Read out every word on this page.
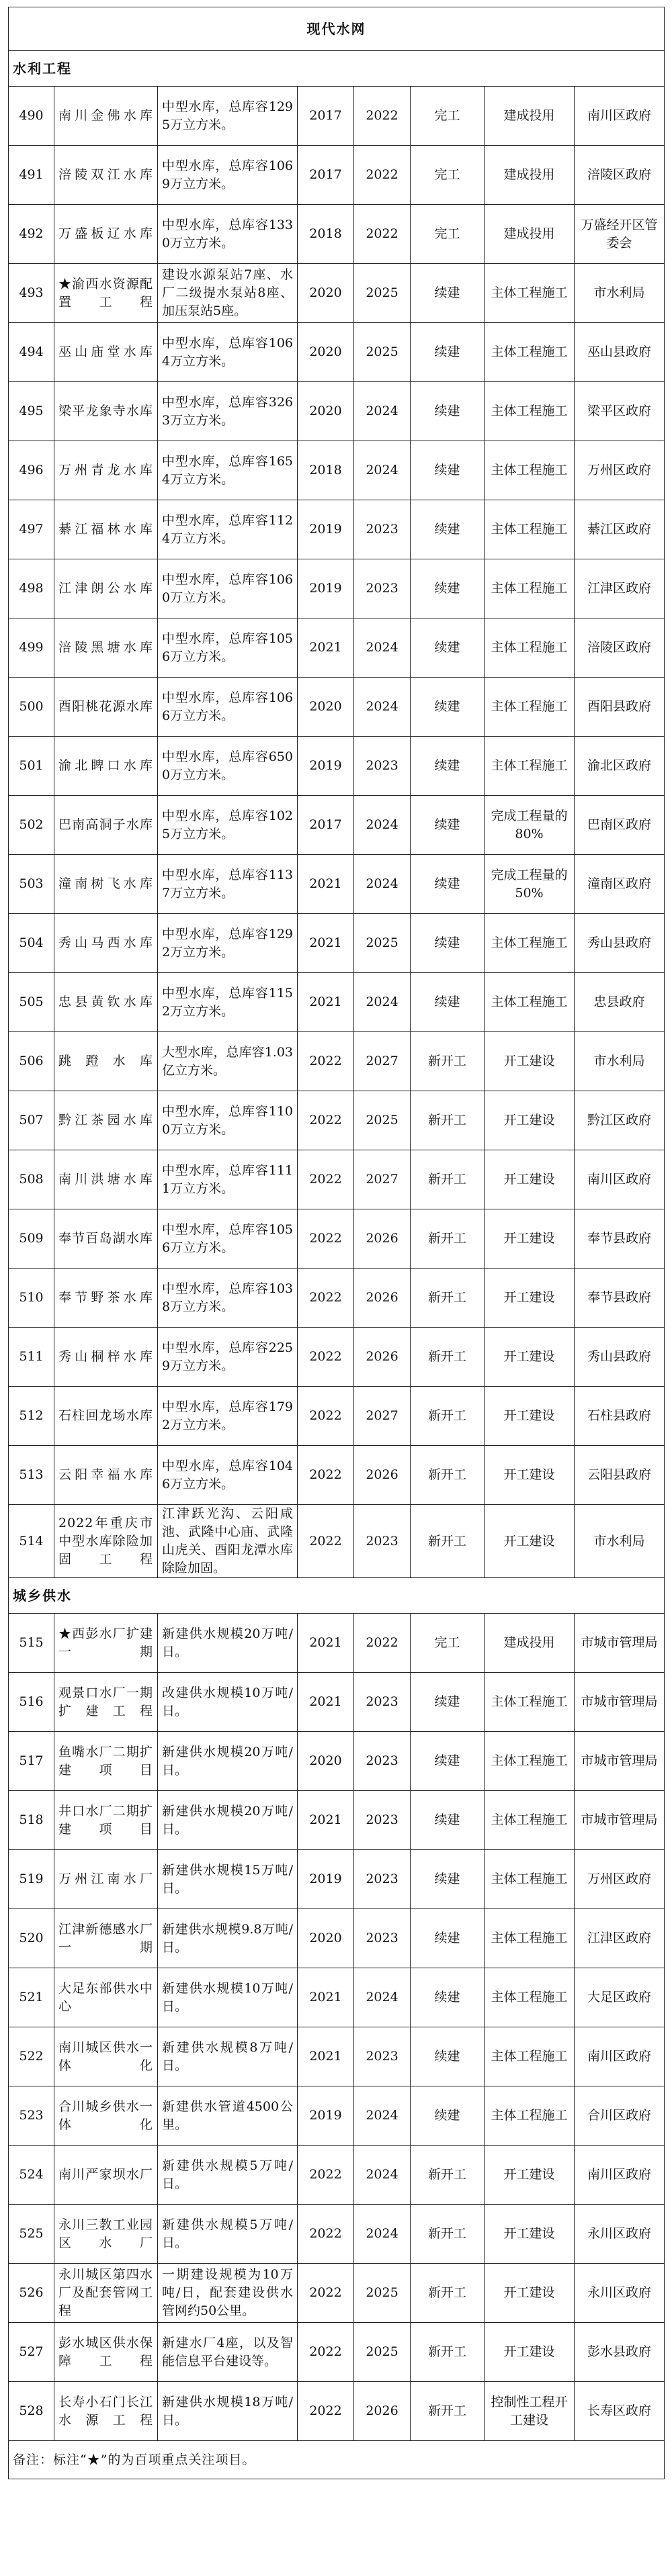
现代水网							
水利工程							
490	南川金佛水库	中型水库，总库容1295万立方米。	2017	2022	完工	建成投用	南川区政府
491	涪陵双江水库	中型水库，总库容1069万立方米。	2017	2022	完工	建成投用	涪陵区政府
492	万盛板辽水库	中型水库，总库容1330万立方米。	2018	2022	完工	建成投用	万盛经开区管委会
493	★渝西水资源配置工程	建设水源泵站7座、水厂二级提水泵站8座、加压泵站5座。	2020	2025	续建	主体工程施工	市水利局
494	巫山庙堂水库	中型水库，总库容1064万立方米。	2020	2025	续建	主体工程施工	巫山县政府
495	梁平龙象寺水库	中型水库，总库容3263万立方米。	2020	2024	续建	主体工程施工	梁平区政府
496	万州青龙水库	中型水库，总库容1654万立方米。	2018	2024	续建	主体工程施工	万州区政府
497	綦江福林水库	中型水库，总库容1124万立方米。	2019	2023	续建	主体工程施工	綦江区政府
498	江津朗公水库	中型水库，总库容1060万立方米。	2019	2023	续建	主体工程施工	江津区政府
499	涪陵黑塘水库	中型水库，总库容1056万立方米。	2021	2024	续建	主体工程施工	涪陵区政府
500	酉阳桃花源水库	中型水库，总库容1066万立方米。	2020	2024	续建	主体工程施工	酉阳县政府
501	渝北睥口水库	中型水库，总库容6500万立方米。	2019	2023	续建	主体工程施工	渝北区政府
502	巴南高洞子水库	中型水库，总库容1025万立方米。	2017	2024	续建	完成工程量的80%	巴南区政府
503	潼南树飞水库	中型水库，总库容1137万立方米。	2021	2024	续建	完成工程量的50%	潼南区政府
504	秀山马西水库	中型水库，总库容1292万立方米。	2021	2025	续建	主体工程施工	秀山县政府
505	忠县黄钦水库	中型水库，总库容1152万立方米。	2021	2024	续建	主体工程施工	忠县政府
506	跳蹬水库	大型水库，总库容1.03亿立方米。	2022	2027	新开工	开工建设	市水利局
507	黔江茶园水库	中型水库，总库容1100万立方米。	2022	2025	新开工	开工建设	黔江区政府
508	南川洪塘水库	中型水库，总库容1111万立方米。	2022	2027	新开工	开工建设	南川区政府
509	奉节百岛湖水库	中型水库，总库容1056万立方米。	2022	2026	新开工	开工建设	奉节县政府
510	奉节野茶水库	中型水库，总库容1038万立方米。	2022	2026	新开工	开工建设	奉节县政府
511	秀山桐梓水库	中型水库，总库容2259万立方米。	2022	2026	新开工	开工建设	秀山县政府
512	石柱回龙场水库	中型水库，总库容1792万立方米。	2022	2027	新开工	开工建设	石柱县政府
513	云阳幸福水库	中型水库，总库容1046万立方米。	2022	2026	新开工	开工建设	云阳县政府
514	2022年重庆市中型水库除险加固工程	江津跃光沟、云阳咸池、武隆中心庙、武隆山虎关、酉阳龙潭水库除险加固。	2022	2023	新开工	开工建设	市水利局
城乡供水							
515	★西彭水厂扩建一期	新建供水规模20万吨/日。	2021	2022	完工	建成投用	市城市管理局
516	观景口水厂一期扩建工程	改建供水规模10万吨/日。	2021	2023	续建	主体工程施工	市城市管理局
517	鱼嘴水厂二期扩建项目	新建供水规模20万吨/日。	2020	2023	续建	主体工程施工	市城市管理局
518	井口水厂二期扩建项目	新建供水规模20万吨/日。	2021	2023	续建	主体工程施工	市城市管理局
519	万州江南水厂	新建供水规模15万吨/日。	2019	2023	续建	主体工程施工	万州区政府
520	江津新德感水厂一期	新建供水规模9.8万吨/日。	2020	2023	续建	主体工程施工	江津区政府
521	大足东部供水中心	新建供水规模10万吨/日。	2021	2024	续建	主体工程施工	大足区政府
522	南川城区供水一体化	新建供水规模8万吨/日。	2021	2023	续建	主体工程施工	南川区政府
523	合川城乡供水一体化	新建供水管道4500公里。	2019	2024	续建	主体工程施工	合川区政府
524	南川严家坝水厂	新建供水规模5万吨/日。	2022	2024	新开工	开工建设	南川区政府
525	永川三教工业园区水厂	新建供水规模5万吨/日。	2022	2024	新开工	开工建设	永川区政府
526	永川城区第四水厂及配套管网工程	一期建设规模为10万吨/日，配套建设供水管网约50公里。	2022	2025	新开工	开工建设	永川区政府
527	彭水城区供水保障工程	新建水厂4座，以及智能信息平台建设等。	2022	2025	新开工	开工建设	彭水县政府
528	长寿小石门长江水源工程	新建供水规模18万吨/日。	2022	2026	新开工	控制性工程开工建设	长寿区政府
备注：标注“★”的为百项重点关注项目。							
